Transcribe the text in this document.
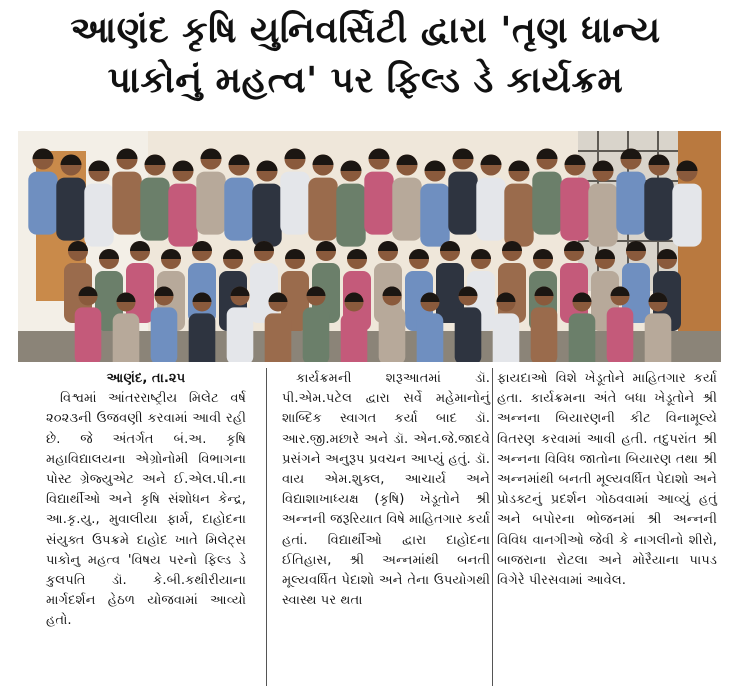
આણંદ કૃષિ યુનિવર્સિટી દ્વારા 'તૃણ ધાન્ય
પાકોનું મહત્વ' પર ફિલ્ડ ડે કાર્યક્રમ

આણંદ, તા.૨૫

વિશ્વમાં આંતરરાષ્ટ્રીય મિલેટ વર્ષ ૨૦૨૩ની ઉજવણી કરવામાં આવી રહી છે. જે અંતર્ગત બં.અ. કૃષિ મહાવિદ્યાલયના એગ્રોનોમી વિભાગના પોસ્ટ ગ્રેજ્યુએટ અને ઈ.એલ.પી.ના વિદ્યાર્થીઓ અને કૃષિ સંશોધન કેન્દ્ર, આ.કૃ.યુ., મુવાલીયા ફાર્મ, દાહોદના સંયુક્ત ઉપક્રમે દાહોદ ખાતે મિલેટ્સ પાકોનુ મહત્વ 'વિષય પરનો ફિલ્ડ ડે કુલપતિ ડૉ. કે.બી.કથીરીયાના માર્ગદર્શન હેઠળ યોજવામાં આવ્યો હતો.

કાર્યક્રમની શરૂઆતમાં ડૉ. પી.એમ.પટેલ દ્વારા સર્વે મહેમાનોનું શાબ્દિક સ્વાગત કર્યા બાદ ડૉ. આર.જી.મછારે અને ડૉ. એન.જે.જાદવે પ્રસંગને અનુરૂપ પ્રવચન આપ્યું હતું. ડૉ. વાય એમ.શુક્લ, આચાર્ય અને વિદ્યાશાખાધ્યક્ષ (કૃષિ) ખેડૂતોને શ્રી અન્નની જરૂરિયાત વિષે માહિતગાર કર્યા હતાં. વિદ્યાર્થીઓ દ્વારા દાહોદના ઈતિહાસ, શ્રી અન્નમાંથી બનતી મૂલ્યવર્ધિત પેદાશો અને તેના ઉપયોગથી સ્વાસ્થ પર થતા

ફાયદાઓ વિશે ખેડૂતોને માહિતગાર કર્યા હતા. કાર્યક્રમના અંતે બધા ખેડૂતોને શ્રી અન્નના બિયારણની કીટ વિનામૂલ્યે વિતરણ કરવામાં આવી હતી. તદુપરાંત શ્રી અન્નના વિવિધ જાતોના બિયારણ તથા શ્રી અન્નમાંથી બનતી મૂલ્યવર્ધિત પેદાશો અને પ્રોડક્ટનું પ્રદર્શન ગોઠવવામાં આવ્યું હતું અને બપોરના ભોજનમાં શ્રી અન્નની વિવિધ વાનગીઓ જેવી કે નાગલીનો શીરો, બાજરાના રોટલા અને મોરૈયાના પાપડ વિગેરે પીરસવામાં આવેલ.
